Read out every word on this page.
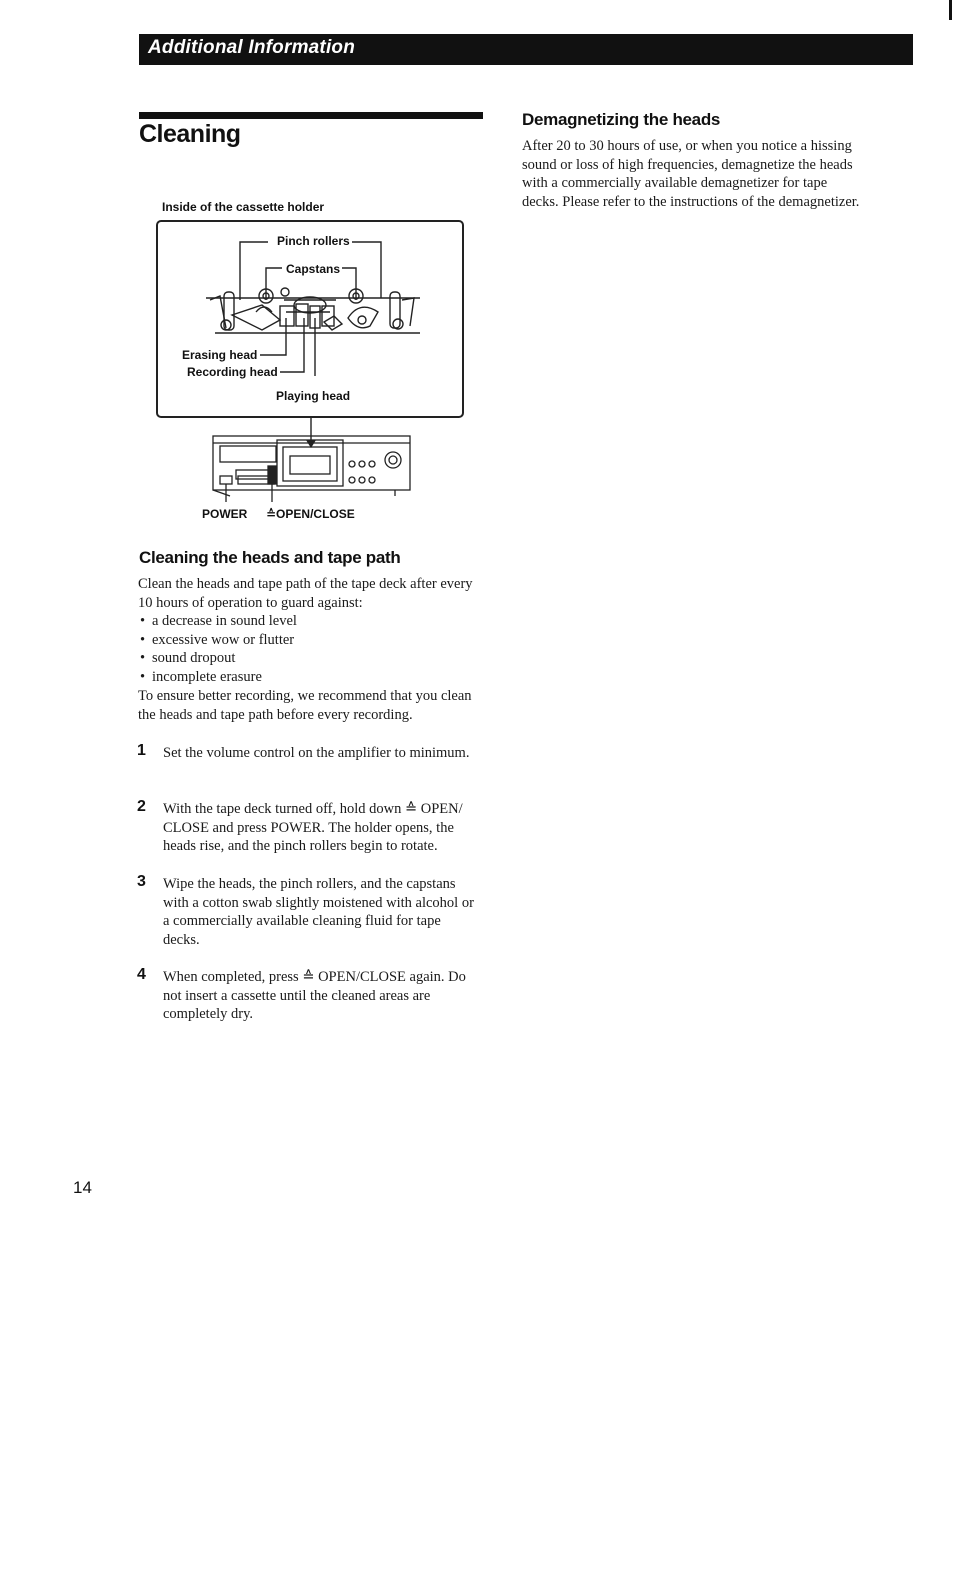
Additional Information
Cleaning
Inside of the cassette holder
Pinch rollers
Capstans
Erasing head
Recording head
Playing head
POWER ≙OPEN/CLOSE
Cleaning the heads and tape path

Clean the heads and tape path of the tape deck after every 10 hours of operation to guard against:

• a decrease in sound level
• excessive wow or flutter
• sound dropout
• incomplete erasure

To ensure better recording, we recommend that you clean the heads and tape path before every recording.

1 Set the volume control on the amplifier to minimum.

2 With the tape deck turned off, hold down ≙ OPEN/ CLOSE and press POWER. The holder opens, the heads rise, and the pinch rollers begin to rotate.

3 Wipe the heads, the pinch rollers, and the capstans with a cotton swab slightly moistened with alcohol or a commercially available cleaning fluid for tape decks.

4 When completed, press ≙ OPEN/CLOSE again. Do not insert a cassette until the cleaned areas are completely dry.

Demagnetizing the heads

After 20 to 30 hours of use, or when you notice a hissing sound or loss of high frequencies, demagnetize the heads with a commercially available demagnetizer for tape decks. Please refer to the instructions of the demagnetizer.

14
